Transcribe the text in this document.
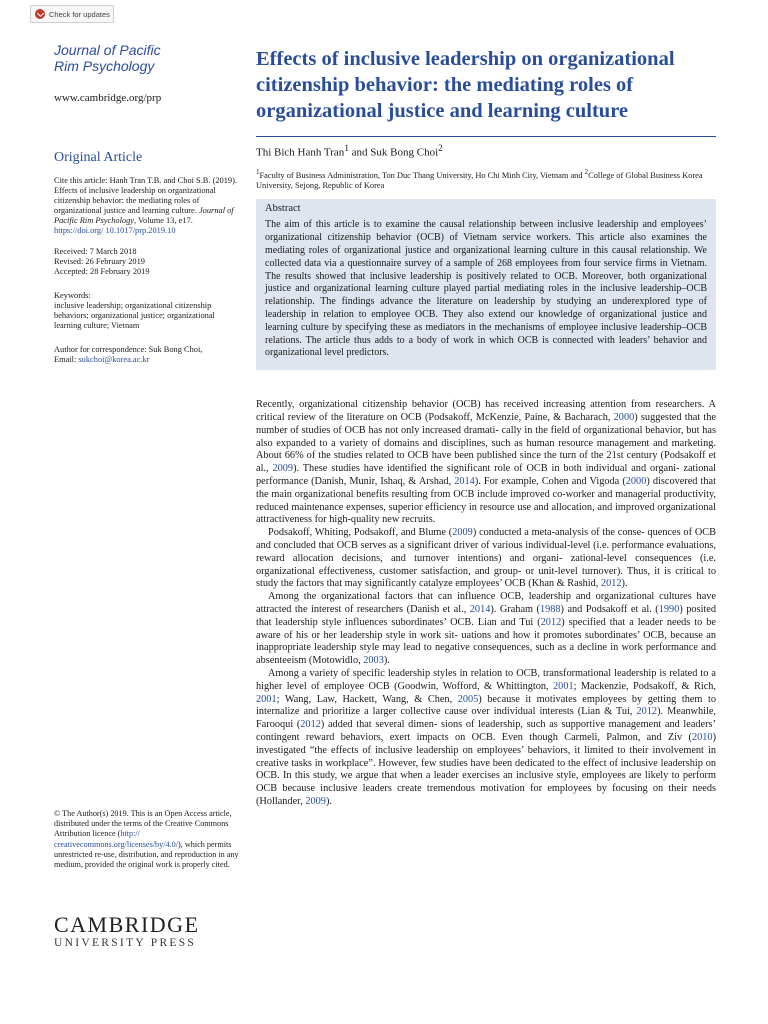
Check for updates

Journal of Pacific
Rim Psychology

www.cambridge.org/prp
Original Article
Cite this article: Hanh Tran T.B. and Choi S.B. (2019). Effects of inclusive leadership on organizational citizenship behavior: the mediating roles of organizational justice and learning culture. Journal of Pacific Rim Psychology, Volume 13, e17. https://doi.org/ 10.1017/prp.2019.10
Received: 7 March 2018
Revised: 26 February 2019
Accepted: 28 February 2019
Keywords:
inclusive leadership; organizational citizenship behaviors; organizational justice; organizational learning culture; Vietnam
Author for correspondence: Suk Bong Choi,
Email: sukchoi@korea.ac.kr
© The Author(s) 2019. This is an Open Access article, distributed under the terms of the Creative Commons Attribution licence (http://
creativecommons.org/licenses/by/4.0/), which permits unrestricted re-use, distribution, and reproduction in any medium, provided the original work is properly cited.
CAMBRIDGE
UNIVERSITY PRESS
Effects of inclusive leadership on organizational citizenship behavior: the mediating roles of organizational justice and learning culture
Thi Bich Hanh Tran$^1$ and Suk Bong Choi$^2$
$^1$Faculty of Business Administration, Ton Duc Thang University, Ho Chi Minh City, Vietnam and $^2$College of Global Business Korea University, Sejong, Republic of Korea
Abstract

The aim of this article is to examine the causal relationship between inclusive leadership and employees’ organizational citizenship behavior (OCB) of Vietnam service workers. This article also examines the mediating roles of organizational justice and organizational learning culture in this causal relationship. We collected data via a questionnaire survey of a sample of 268 employees from four service firms in Vietnam. The results showed that inclusive leadership is positively related to OCB. Moreover, both organizational justice and organizational learning culture played partial mediating roles in the inclusive leadership–OCB relationship. The findings advance the literature on leadership by studying an underexplored type of leadership in relation to employee OCB. They also extend our knowledge of organizational justice and learning culture by specifying these as mediators in the mechanisms of employee inclusive leadership–OCB relations. The article thus adds to a body of work in which OCB is connected with leaders’ behavior and organizational level predictors.

Recently, organizational citizenship behavior (OCB) has received increasing attention from researchers. A critical review of the literature on OCB (Podsakoff, McKenzie, Paine, & Bacharach, 2000) suggested that the number of studies of OCB has not only increased dramati- cally in the field of organizational behavior, but has also expanded to a variety of domains and disciplines, such as human resource management and marketing. About 66% of the studies related to OCB have been published since the turn of the 21st century (Podsakoff et al., 2009). These studies have identified the significant role of OCB in both individual and organi- zational performance (Danish, Munir, Ishaq, & Arshad, 2014). For example, Cohen and Vigoda (2000) discovered that the main organizational benefits resulting from OCB include improved co-worker and managerial productivity, reduced maintenance expenses, superior efficiency in resource use and allocation, and improved organizational attractiveness for high-quality new recruits.

Podsakoff, Whiting, Podsakoff, and Blume (2009) conducted a meta-analysis of the conse- quences of OCB and concluded that OCB serves as a significant driver of various individual-level (i.e. performance evaluations, reward allocation decisions, and turnover intentions) and organi- zational-level consequences (i.e. organizational effectiveness, customer satisfaction, and group- or unit-level turnover). Thus, it is critical to study the factors that may significantly catalyze employees’ OCB (Khan & Rashid, 2012).

Among the organizational factors that can influence OCB, leadership and organizational cultures have attracted the interest of researchers (Danish et al., 2014). Graham (1988) and Podsakoff et al. (1990) posited that leadership style influences subordinates’ OCB. Lian and Tui (2012) specified that a leader needs to be aware of his or her leadership style in work sit- uations and how it promotes subordinates’ OCB, because an inappropriate leadership style may lead to negative consequences, such as a decline in work performance and absenteeism (Motowidlo, 2003).

Among a variety of specific leadership styles in relation to OCB, transformational leadership is related to a higher level of employee OCB (Goodwin, Wofford, & Whittington, 2001; Mackenzie, Podsakoff, & Rich, 2001; Wang, Law, Hackett, Wang, & Chen, 2005) because it motivates employees by getting them to internalize and prioritize a larger collective cause over individual interests (Lian & Tui, 2012). Meanwhile, Farooqui (2012) added that several dimen- sions of leadership, such as supportive management and leaders’ contingent reward behaviors, exert impacts on OCB. Even though Carmeli, Palmon, and Ziv (2010) investigated “the effects of inclusive leadership on employees’ behaviors, it limited to their involvement in creative tasks in workplace”. However, few studies have been dedicated to the effect of inclusive leadership on OCB. In this study, we argue that when a leader exercises an inclusive style, employees are likely to perform OCB because inclusive leaders create tremendous motivation for employees by focusing on their needs (Hollander, 2009).
